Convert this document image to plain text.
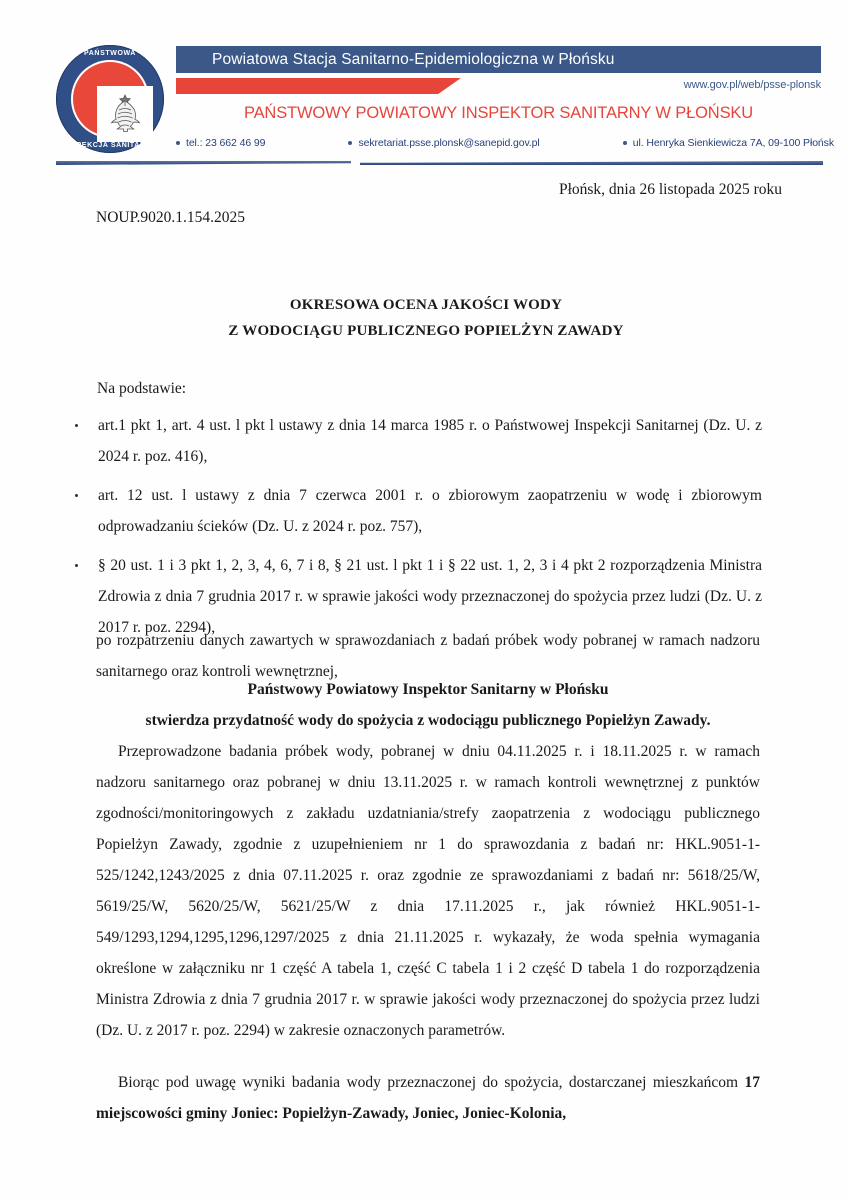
PAŃSTWOWA
INSPEKCJA SANITARNA
Powiatowa Stacja Sanitarno-Epidemiologiczna w Płońsku
www.gov.pl/web/psse-plonsk
PAŃSTWOWY POWIATOWY INSPEKTOR SANITARNY W PŁOŃSKU
tel.: 23 662 46 99	sekretariat.psse.plonsk@sanepid.gov.pl	ul. Henryka Sienkiewicza 7A, 09-100 Płońsk
Płońsk, dnia 26 listopada 2025 roku
NOUP.9020.1.154.2025
OKRESOWA OCENA JAKOŚCI WODY
Z WODOCIĄGU PUBLICZNEGO POPIELŻYN ZAWADY
Na podstawie:
art.1 pkt 1, art. 4 ust. l pkt l ustawy z dnia 14 marca 1985 r. o Państwowej Inspekcji Sanitarnej (Dz. U. z 2024 r. poz. 416),
art. 12 ust. l ustawy z dnia 7 czerwca 2001 r. o zbiorowym zaopatrzeniu w wodę i zbiorowym odprowadzaniu ścieków (Dz. U. z 2024 r. poz. 757),
§ 20 ust. 1 i 3 pkt 1, 2, 3, 4, 6, 7 i 8, § 21 ust. l pkt 1 i § 22 ust. 1, 2, 3 i 4 pkt 2 rozporządzenia Ministra Zdrowia z dnia 7 grudnia 2017 r. w sprawie jakości wody przeznaczonej do spożycia przez ludzi (Dz. U. z 2017 r. poz. 2294),
po rozpatrzeniu danych zawartych w sprawozdaniach z badań próbek wody pobranej w ramach nadzoru sanitarnego oraz kontroli wewnętrznej,
Państwowy Powiatowy Inspektor Sanitarny w Płońsku
stwierdza przydatność wody do spożycia z wodociągu publicznego Popielżyn Zawady.

Przeprowadzone badania próbek wody, pobranej w dniu 04.11.2025 r. i 18.11.2025 r. w ramach nadzoru sanitarnego oraz pobranej w dniu 13.11.2025 r. w ramach kontroli wewnętrznej z punktów zgodności/monitoringowych z zakładu uzdatniania/strefy zaopatrzenia z wodociągu publicznego Popielżyn Zawady, zgodnie z uzupełnieniem nr 1 do sprawozdania z badań nr: HKL.9051-1-525/1242,1243/2025 z dnia 07.11.2025 r. oraz zgodnie ze sprawozdaniami z badań nr: 5618/25/W, 5619/25/W, 5620/25/W, 5621/25/W z dnia 17.11.2025 r., jak również HKL.9051-1-549/1293,1294,1295,1296,1297/2025 z dnia 21.11.2025 r. wykazały, że woda spełnia wymagania określone w załączniku nr 1 część A tabela 1, część C tabela 1 i 2 część D tabela 1 do rozporządzenia Ministra Zdrowia z dnia 7 grudnia 2017 r. w sprawie jakości wody przeznaczonej do spożycia przez ludzi (Dz. U. z 2017 r. poz. 2294) w zakresie oznaczonych parametrów.

Biorąc pod uwagę wyniki badania wody przeznaczonej do spożycia, dostarczanej mieszkańcom 17 miejscowości gminy Joniec: Popielżyn-Zawady, Joniec, Joniec-Kolonia,
